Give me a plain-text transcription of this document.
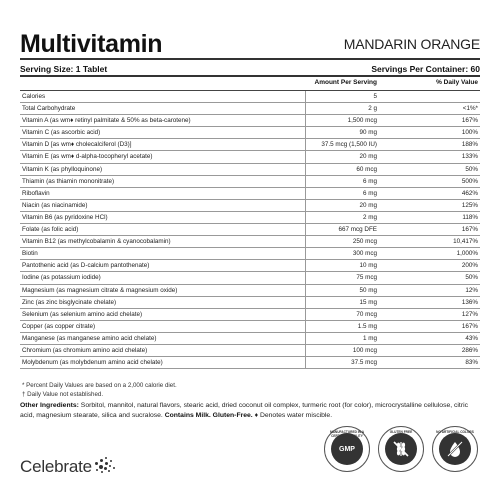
Multivitamin	MANDARIN ORANGE
Serving Size: 1 Tablet	Servings Per Container: 60
Amount Per Serving	% Daily Value
Calories	5
Total Carbohydrate	2 g	<1%*
Vitamin A (as wm♦ retinyl palmitate & 50% as beta-carotene)	1,500 mcg	167%
Vitamin C (as ascorbic acid)	90 mg	100%
Vitamin D [as wm♦ cholecalciferol (D3)]	37.5 mcg (1,500 IU)	188%
Vitamin E (as wm♦ d-alpha-tocopheryl acetate)	20 mg	133%
Vitamin K (as phylloquinone)	60 mcg	50%
Thiamin (as thiamin mononitrate)	6 mg	500%
Riboflavin	6 mg	462%
Niacin (as niacinamide)	20 mg	125%
Vitamin B6 (as pyridoxine HCl)	2 mg	118%
Folate (as folic acid)	667 mcg DFE	167%
Vitamin B12 (as methylcobalamin & cyanocobalamin)	250 mcg	10,417%
Biotin	300 mcg	1,000%
Pantothenic acid (as D-calcium pantothenate)	10 mg	200%
Iodine (as potassium iodide)	75 mcg	50%
Magnesium (as magnesium citrate & magnesium oxide)	50 mg	12%
Zinc (as zinc bisglycinate chelate)	15 mg	136%
Selenium (as selenium amino acid chelate)	70 mcg	127%
Copper (as copper citrate)	1.5 mg	167%
Manganese (as manganese amino acid chelate)	1 mg	43%
Chromium (as chromium amino acid chelate)	100 mcg	286%
Molybdenum (as molybdenum amino acid chelate)	37.5 mcg	83%
* Percent Daily Values are based on a 2,000 calorie diet.
† Daily Value not established.
Other Ingredients: Sorbitol, mannitol, natural flavors, stearic acid, dried coconut oil complex, turmeric root (for color), microcrystalline cellulose, citric acid, magnesium stearate, silica and sucralose. Contains Milk. Gluten-Free. ♦ Denotes water miscible.
Celebrate
MANUFACTURED IN A CERTIFIED FACILITY
GMP
GLUTEN FREE	NO ARTIFICIAL COLORS
